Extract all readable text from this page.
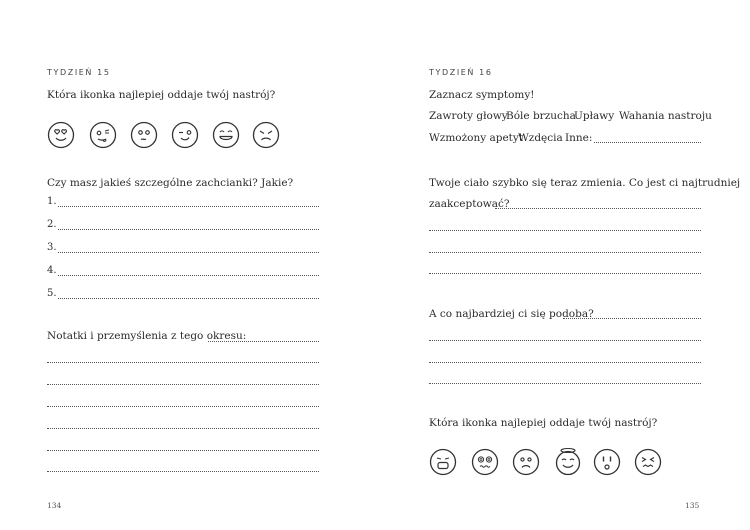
TYDZIEŃ 15
Która ikonka najlepiej oddaje twój nastrój?
Czy masz jakieś szczególne zachcianki? Jakie?
1.
2.
3.
4.
5.
Notatki i przemyślenia z tego okresu:
134
TYDZIEŃ 16
Zaznacz symptomy!
Zawroty głowy
Bóle brzucha
Upławy Wahania nastroju
Wzmożony apetyt
Wzdęcia Inne:
Twoje ciało szybko się teraz zmienia. Co jest ci najtrudniej
zaakceptować?
A co najbardziej ci się podoba?
Która ikonka najlepiej oddaje twój nastrój?
135
